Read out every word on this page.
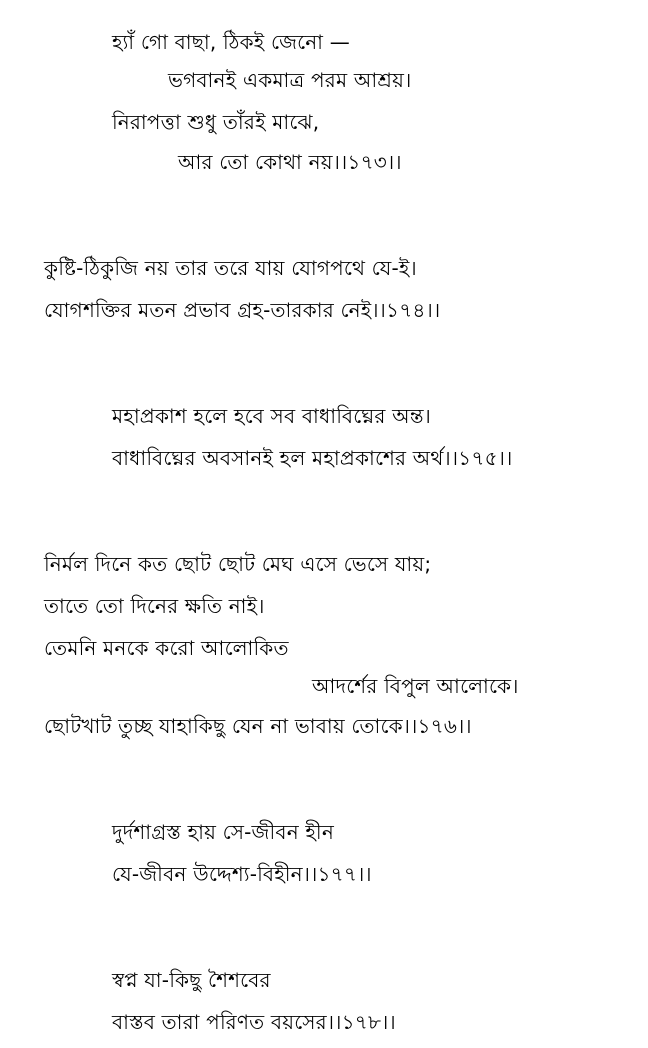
হ্যাঁ গো বাছা, ঠিকই জেনো —
ভগবানই একমাত্র পরম আশ্রয়।
নিরাপত্তা শুধু তাঁরই মাঝে,
আর তো কোথা নয়।।১৭৩।।
কুষ্টি-ঠিকুজি নয় তার তরে যায় যোগপথে যে-ই।
যোগশক্তির মতন প্রভাব গ্রহ-তারকার নেই।।১৭৪।।
মহাপ্রকাশ হলে হবে সব বাধাবিঘ্নের অন্ত।
বাধাবিঘ্নের অবসানই হল মহাপ্রকাশের অর্থ।।১৭৫।।
নির্মল দিনে কত ছোট ছোট মেঘ এসে ভেসে যায়;
তাতে তো দিনের ক্ষতি নাই।
তেমনি মনকে করো আলোকিত
আদর্শের বিপুল আলোকে।
ছোটখাট তুচ্ছ যাহাকিছু যেন না ভাবায় তোকে।।১৭৬।।
দুর্দশাগ্রস্ত হায় সে-জীবন হীন
যে-জীবন উদ্দেশ্য-বিহীন।।১৭৭।।
স্বপ্ন যা-কিছু শৈশবের
বাস্তব তারা পরিণত বয়সের।।১৭৮।।
